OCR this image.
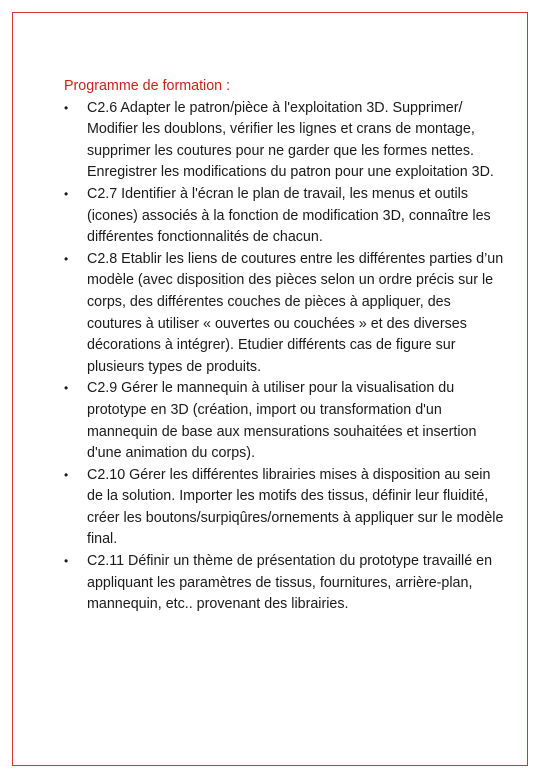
Programme de formation :

•	C2.6 Adapter le patron/pièce à l'exploitation 3D. Supprimer/ Modifier les doublons, vérifier les lignes et crans de montage, supprimer les coutures pour ne garder que les formes nettes. Enregistrer les modifications du patron pour une exploitation 3D.
•	C2.7 Identifier à l'écran le plan de travail, les menus et outils (icones) associés à la fonction de modification 3D, connaître les différentes fonctionnalités de chacun.
•	C2.8 Etablir les liens de coutures entre les différentes parties d’un modèle (avec disposition des pièces selon un ordre précis sur le corps, des différentes couches de pièces à appliquer, des coutures à utiliser « ouvertes ou couchées » et des diverses décorations à intégrer). Etudier différents cas de figure sur plusieurs types de produits.
•	C2.9 Gérer le mannequin à utiliser pour la visualisation du prototype en 3D (création, import ou transformation d'un mannequin de base aux mensurations souhaitées et insertion d'une animation du corps).
•	C2.10 Gérer les différentes librairies mises à disposition au sein de la solution. Importer les motifs des tissus, définir leur fluidité, créer les boutons/surpiqûres/ornements à appliquer sur le modèle final.
•	C2.11 Définir un thème de présentation du prototype travaillé en appliquant les paramètres de tissus, fournitures, arrière-plan, mannequin, etc.. provenant des librairies.
